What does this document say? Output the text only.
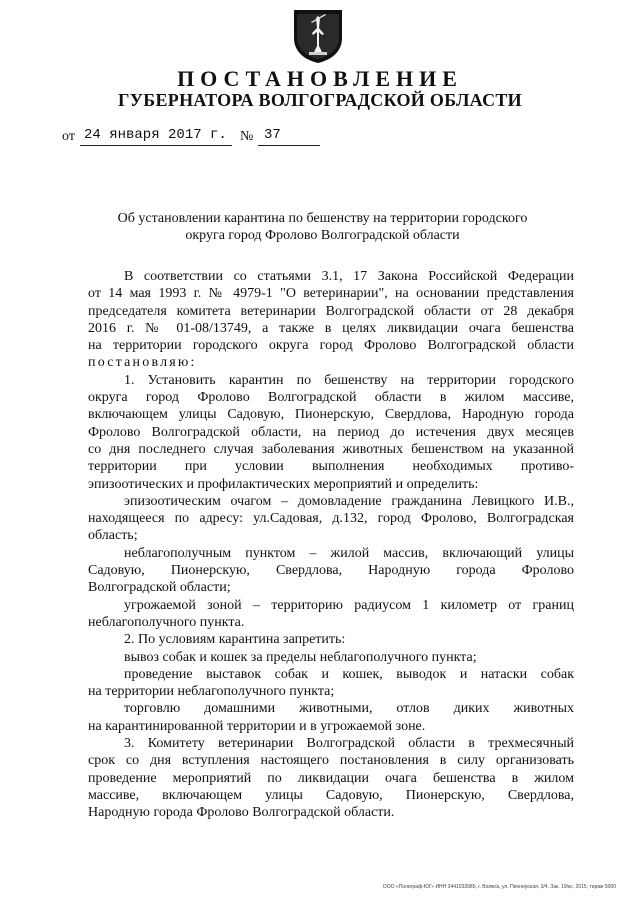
ПОСТАНОВЛЕНИЕ
ГУБЕРНАТОРА ВОЛГОГРАДСКОЙ ОБЛАСТИ
от 24 января 2017 г. № 37
Об установлении карантина по бешенству на территории городского
округа город Фролово Волгоградской области

В соответствии со статьями 3.1, 17 Закона Российской Федерации

от 14 мая 1993 г. № 4979-1 "О ветеринарии", на основании представления

председателя комитета ветеринарии Волгоградской области от 28 декабря

2016 г. № 01-08/13749, а также в целях ликвидации очага бешенства

на территории городского округа город Фролово Волгоградской области

постановляю:

1. Установить карантин по бешенству на территории городского

округа город Фролово Волгоградской области в жилом массиве,

включающем улицы Садовую, Пионерскую, Свердлова, Народную города

Фролово Волгоградской области, на период до истечения двух месяцев

со дня последнего случая заболевания животных бешенством на указанной

территории при условии выполнения необходимых противо-

эпизоотических и профилактических мероприятий и определить:

эпизоотическим очагом – домовладение гражданина Левицкого И.В.,

находящееся по адресу: ул.Садовая, д.132, город Фролово, Волгоградская

область;

неблагополучным пунктом – жилой массив, включающий улицы

Садовую, Пионерскую, Свердлова, Народную города Фролово

Волгоградской области;

угрожаемой зоной – территорию радиусом 1 километр от границ

неблагополучного пункта.

2. По условиям карантина запретить:

вывоз собак и кошек за пределы неблагополучного пункта;

проведение выставок собак и кошек, выводок и натаски собак

на территории неблагополучного пункта;

торговлю домашними животными, отлов диких животных

на карантинированной территории и в угрожаемой зоне.

3. Комитету ветеринарии Волгоградской области в трехмесячный

срок со дня вступления настоящего постановления в силу организовать

проведение мероприятий по ликвидации очага бешенства в жилом

массиве, включающем улицы Садовую, Пионерскую, Свердлова,

Народную города Фролово Волгоградской области.

ООО «Полиграф-ЮГ» ИНН 3441033985, г. Волжск, ул. Пионерская, 3/4. Зак. 19/кс, 2015, тираж 5000
